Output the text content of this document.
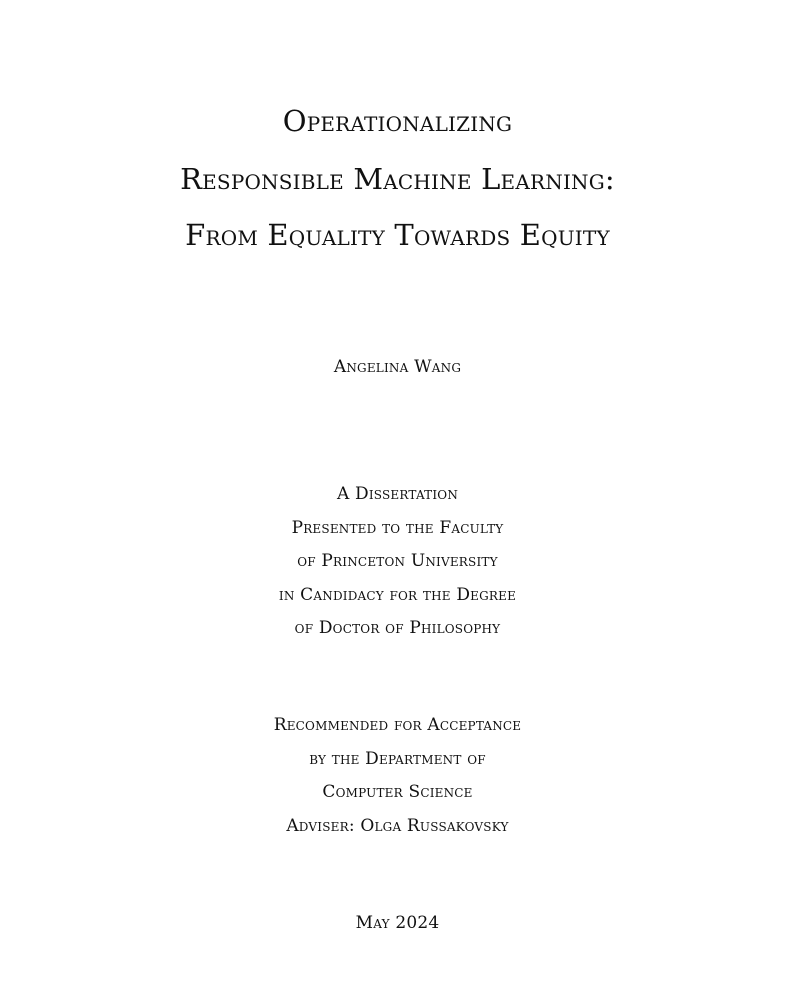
Operationalizing
Responsible Machine Learning:
From Equality Towards Equity
Angelina Wang
A Dissertation
Presented to the Faculty
of Princeton University
in Candidacy for the Degree
of Doctor of Philosophy
Recommended for Acceptance
by the Department of
Computer Science
Adviser: Olga Russakovsky
May 2024
